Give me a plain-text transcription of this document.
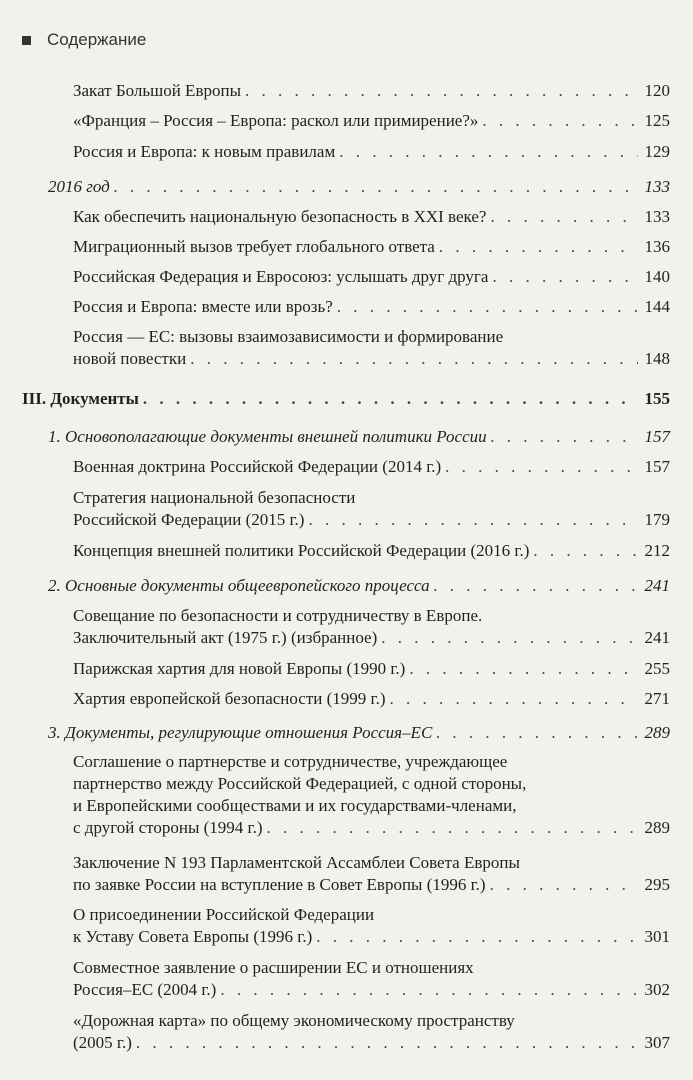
Содержание
Закат Большой Европы . . .	120
«Франция – Россия – Европа: раскол или примирение?» . . .	125
Россия и Европа: к новым правилам . . .	129
2016 год . . .	133
Как обеспечить национальную безопасность в XXI веке? . . .	133
Миграционный вызов требует глобального ответа . . .	136
Российская Федерация и Евросоюз: услышать друг друга . . .	140
Россия и Европа: вместе или врозь? . . .	144
Россия — ЕС: вызовы взаимозависимости и формирование
новой повестки . . .	148
III. Документы . . .	155
1. Основополагающие документы внешней политики России . . .	157
Военная доктрина Российской Федерации (2014 г.) . . .	157
Стратегия национальной безопасности
Российской Федерации (2015 г.) . . .	179
Концепция внешней политики Российской Федерации (2016 г.) . . .	212
2. Основные документы общеевропейского процесса . . .	241
Совещание по безопасности и сотрудничеству в Европе.
Заключительный акт (1975 г.) (избранное) . . .	241
Парижская хартия для новой Европы (1990 г.) . . .	255
Хартия европейской безопасности (1999 г.) . . .	271
3. Документы, регулирующие отношения Россия–ЕС . . .	289
Соглашение о партнерстве и сотрудничестве, учреждающее
партнерство между Российской Федерацией, с одной стороны,
и Европейскими сообществами и их государствами-членами,
с другой стороны (1994 г.) . . .	289
Заключение N 193 Парламентской Ассамблеи Совета Европы
по заявке России на вступление в Совет Европы (1996 г.) . . .	295
О присоединении Российской Федерации
к Уставу Совета Европы (1996 г.) . . .	301
Совместное заявление о расширении ЕС и отношениях
Россия–ЕС (2004 г.) . . .	302
«Дорожная карта» по общему экономическому пространству
(2005 г.) . . .	307
